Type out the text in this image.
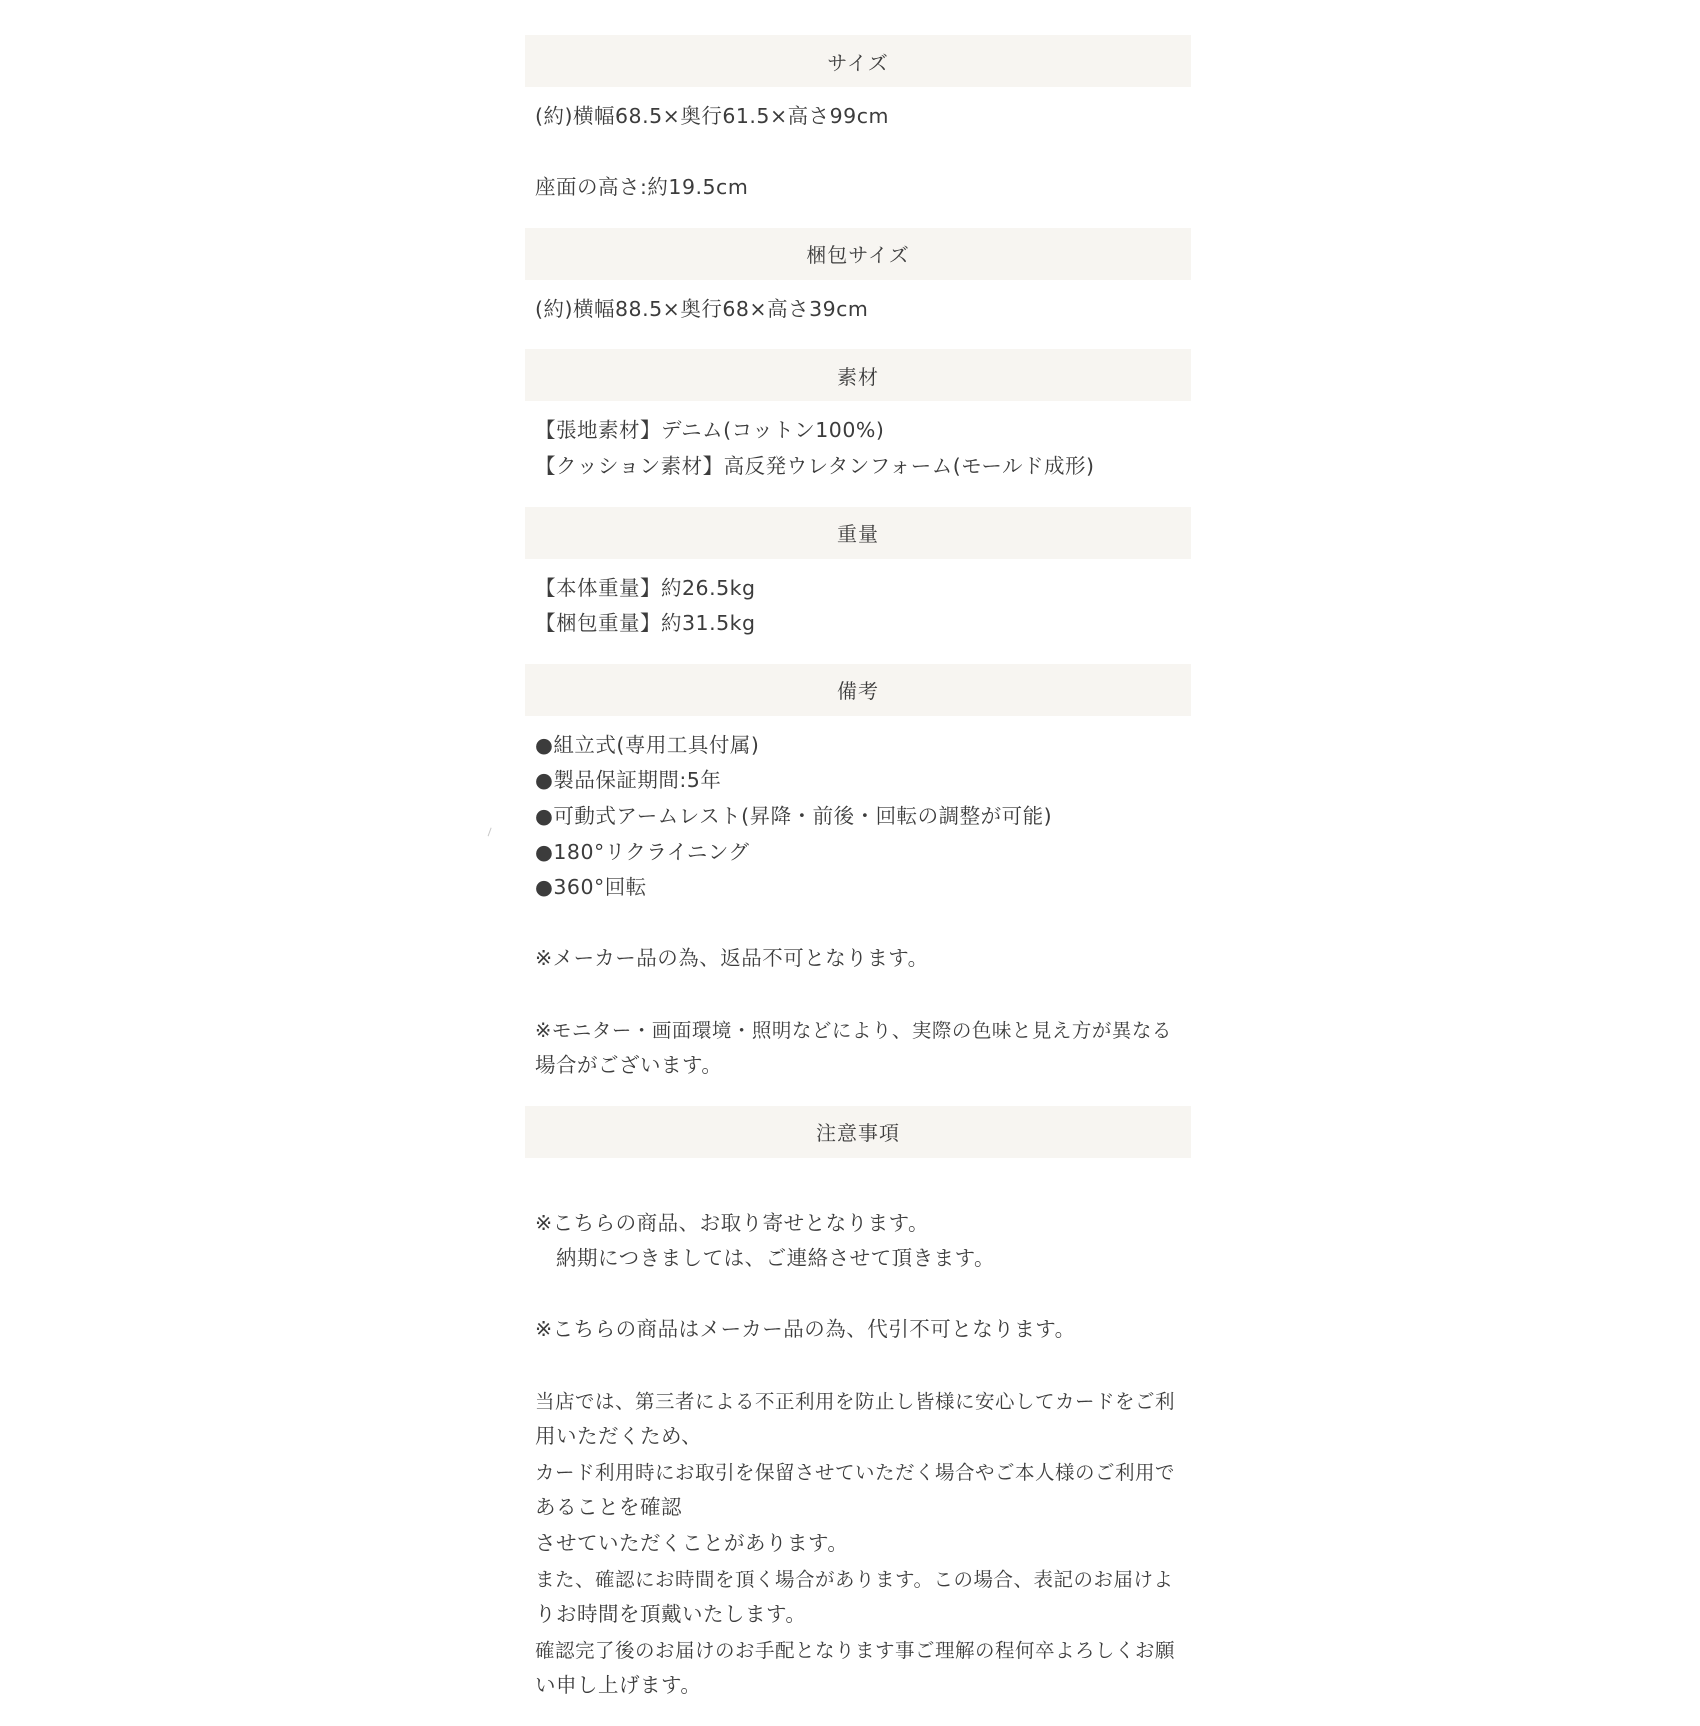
サイズ
(約)横幅68.5×奥行61.5×高さ99cm
座面の高さ:約19.5cm
梱包サイズ
(約)横幅88.5×奥行68×高さ39cm
素材
【張地素材】デニム(コットン100%)
【クッション素材】高反発ウレタンフォーム(モールド成形)
重量
【本体重量】約26.5kg
【梱包重量】約31.5kg
備考
●組立式(専用工具付属)
●製品保証期間:5年
●可動式アームレスト(昇降・前後・回転の調整が可能)
●180°リクライニング
●360°回転
※メーカー品の為、返品不可となります。
※モニター・画面環境・照明などにより、実際の色味と見え方が異なる
場合がございます。
注意事項
※こちらの商品、お取り寄せとなります。
　納期につきましては、ご連絡させて頂きます。
※こちらの商品はメーカー品の為、代引不可となります。
当店では、第三者による不正利用を防止し皆様に安心してカードをご利
用いただくため、
カード利用時にお取引を保留させていただく場合やご本人様のご利用で
あることを確認
させていただくことがあります。
また、確認にお時間を頂く場合があります。この場合、表記のお届けよ
りお時間を頂戴いたします。
確認完了後のお届けのお手配となります事ご理解の程何卒よろしくお願
い申し上げます。
